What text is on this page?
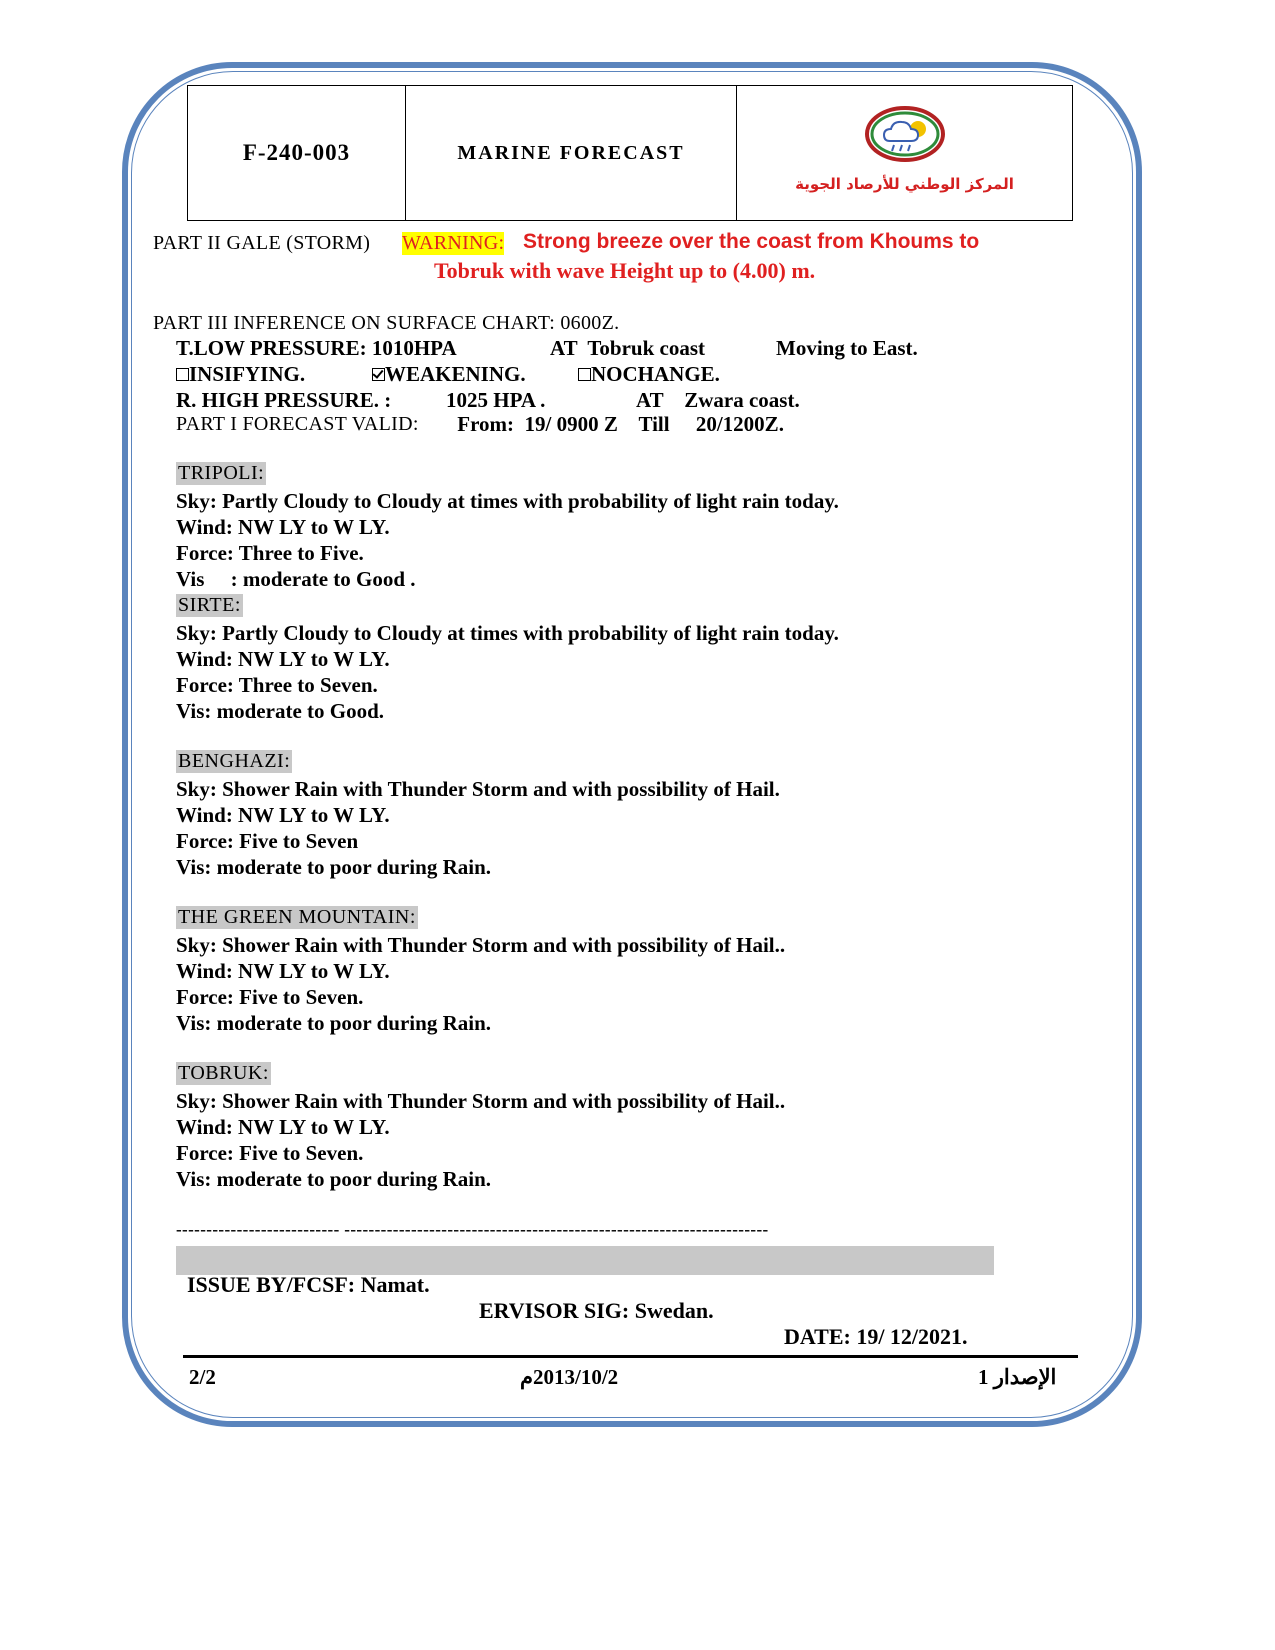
F-240-003	MARINE FORECAST
المركز الوطني للأرصاد الجوية
PART II GALE (STORM) WARNING: Strong breeze over the coast from Khoums to
Tobruk with wave Height up to (4.00) m.
PART III INFERENCE ON SURFACE CHART: 0600Z.
T.LOW PRESSURE: 1010HPA	AT  Tobruk coast	Moving to East.
INSIFYING.	WEAKENING.	NOCHANGE.
R. HIGH PRESSURE. :	1025 HPA .	AT    Zwara coast.
PART I FORECAST VALID: From:  19/ 0900 Z    Till     20/1200Z.
TRIPOLI:
Sky: Partly Cloudy to Cloudy at times with probability of light rain today.
Wind: NW LY to W LY.
Force: Three to Five.
Vis     : moderate to Good .
SIRTE:
Sky: Partly Cloudy to Cloudy at times with probability of light rain today.
Wind: NW LY to W LY.
Force: Three to Seven.
Vis: moderate to Good.
BENGHAZI:
Sky: Shower Rain with Thunder Storm and with possibility of Hail.
Wind: NW LY to W LY.
Force: Five to Seven
Vis: moderate to poor during Rain.
THE GREEN MOUNTAIN:
Sky: Shower Rain with Thunder Storm and with possibility of Hail..
Wind: NW LY to W LY.
Force: Five to Seven.
Vis: moderate to poor during Rain.
TOBRUK:
Sky: Shower Rain with Thunder Storm and with possibility of Hail..
Wind: NW LY to W LY.
Force: Five to Seven.
Vis: moderate to poor during Rain.
--------------------------- ----------------------------------------------------------------------

ISSUE BY/FCSF: Namat.

ERVISOR SIG: Swedan.

DATE: 19/ 12/2021.

2/2	2013/10/2م	الإصدار 1
